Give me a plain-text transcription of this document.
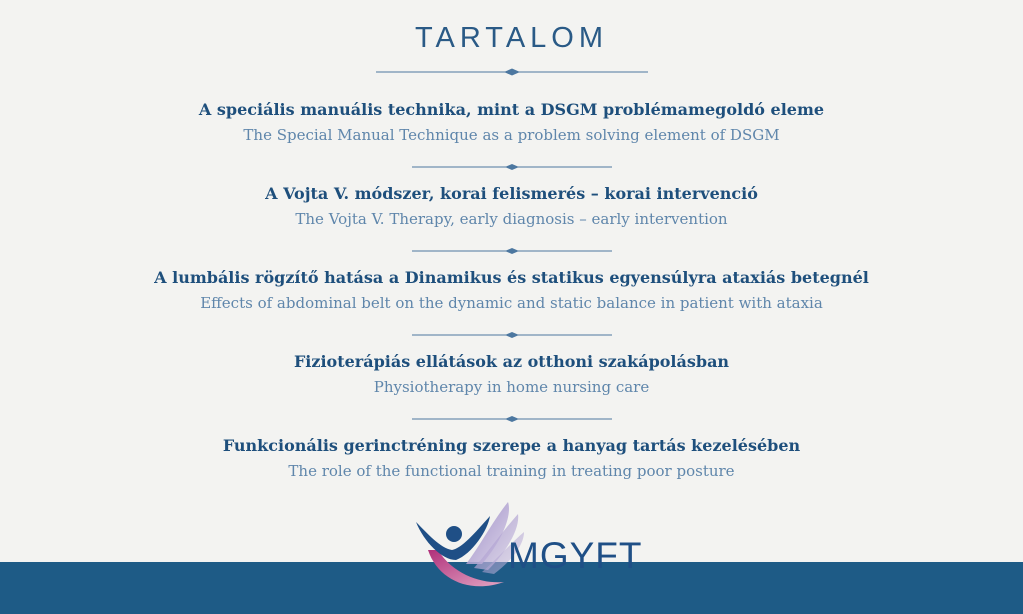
TARTALOM
A speciális manuális technika, mint a DSGM problémamegoldó eleme
The Special Manual Technique as a problem solving element of DSGM
A Vojta V. módszer, korai felismerés – korai intervenció
The Vojta V. Therapy, early diagnosis – early intervention
A lumbális rögzítő hatása a Dinamikus és statikus egyensúlyra ataxiás betegnél
Effects of abdominal belt on the dynamic and static balance in patient with ataxia
Fizioterápiás ellátások az otthoni szakápolásban
Physiotherapy in home nursing care
Funkcionális gerinctréning szerepe a hanyag tartás kezelésében
The role of the functional training in treating poor posture
MGYFT
